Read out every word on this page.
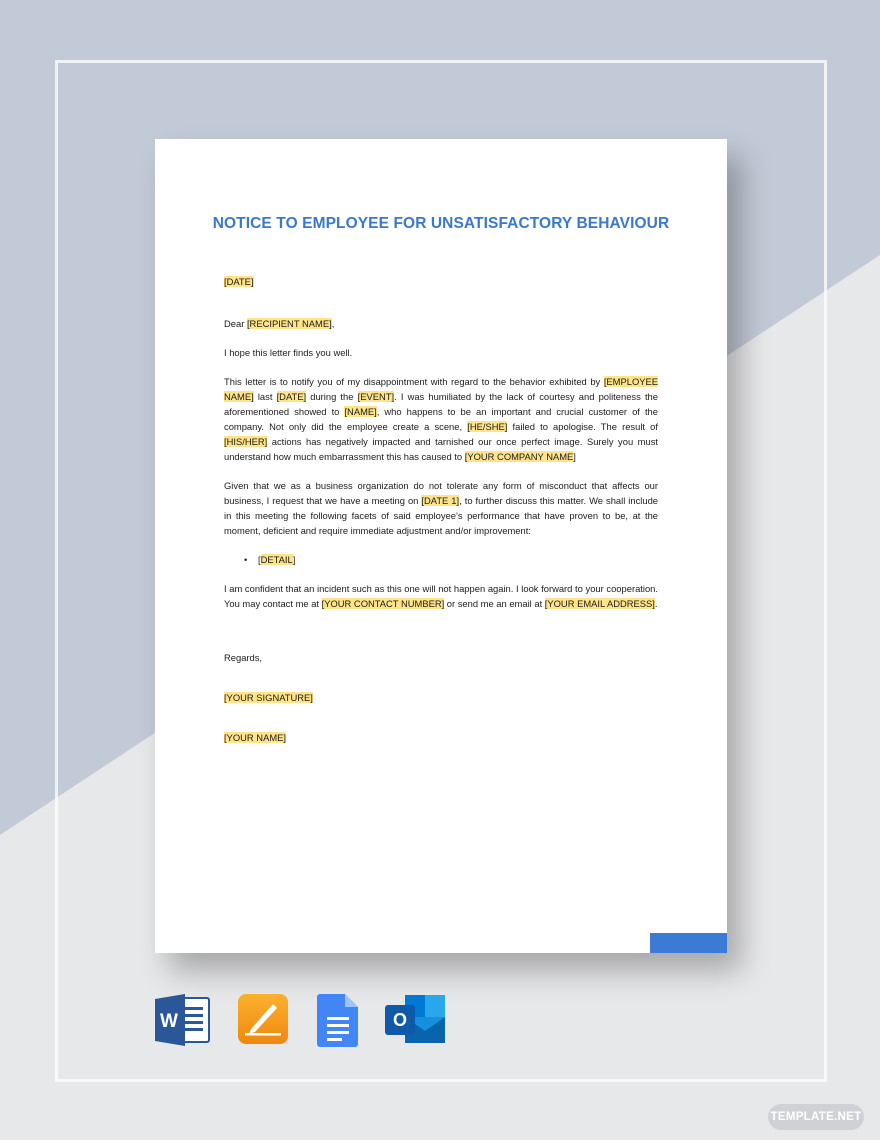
NOTICE TO EMPLOYEE FOR UNSATISFACTORY BEHAVIOUR

[DATE]

Dear [RECIPIENT NAME],

I hope this letter finds you well.

This letter is to notify you of my disappointment with regard to the behavior exhibited by [EMPLOYEE NAME] last [DATE] during the [EVENT]. I was humiliated by the lack of courtesy and politeness the aforementioned showed to [NAME], who happens to be an important and crucial customer of the company. Not only did the employee create a scene, [HE/SHE] failed to apologise. The result of [HIS/HER] actions has negatively impacted and tarnished our once perfect image. Surely you must understand how much embarrassment this has caused to [YOUR COMPANY NAME]

Given that we as a business organization do not tolerate any form of misconduct that affects our business, I request that we have a meeting on [DATE 1], to further discuss this matter. We shall include in this meeting the following facets of said employee’s performance that have proven to be, at the moment, deficient and require immediate adjustment and/or improvement:

• [DETAIL]

I am confident that an incident such as this one will not happen again. I look forward to your cooperation. You may contact me at [YOUR CONTACT NUMBER] or send me an email at [YOUR EMAIL ADDRESS].

Regards,

[YOUR SIGNATURE]

[YOUR NAME]

W	O
TEMPLATE.NET
